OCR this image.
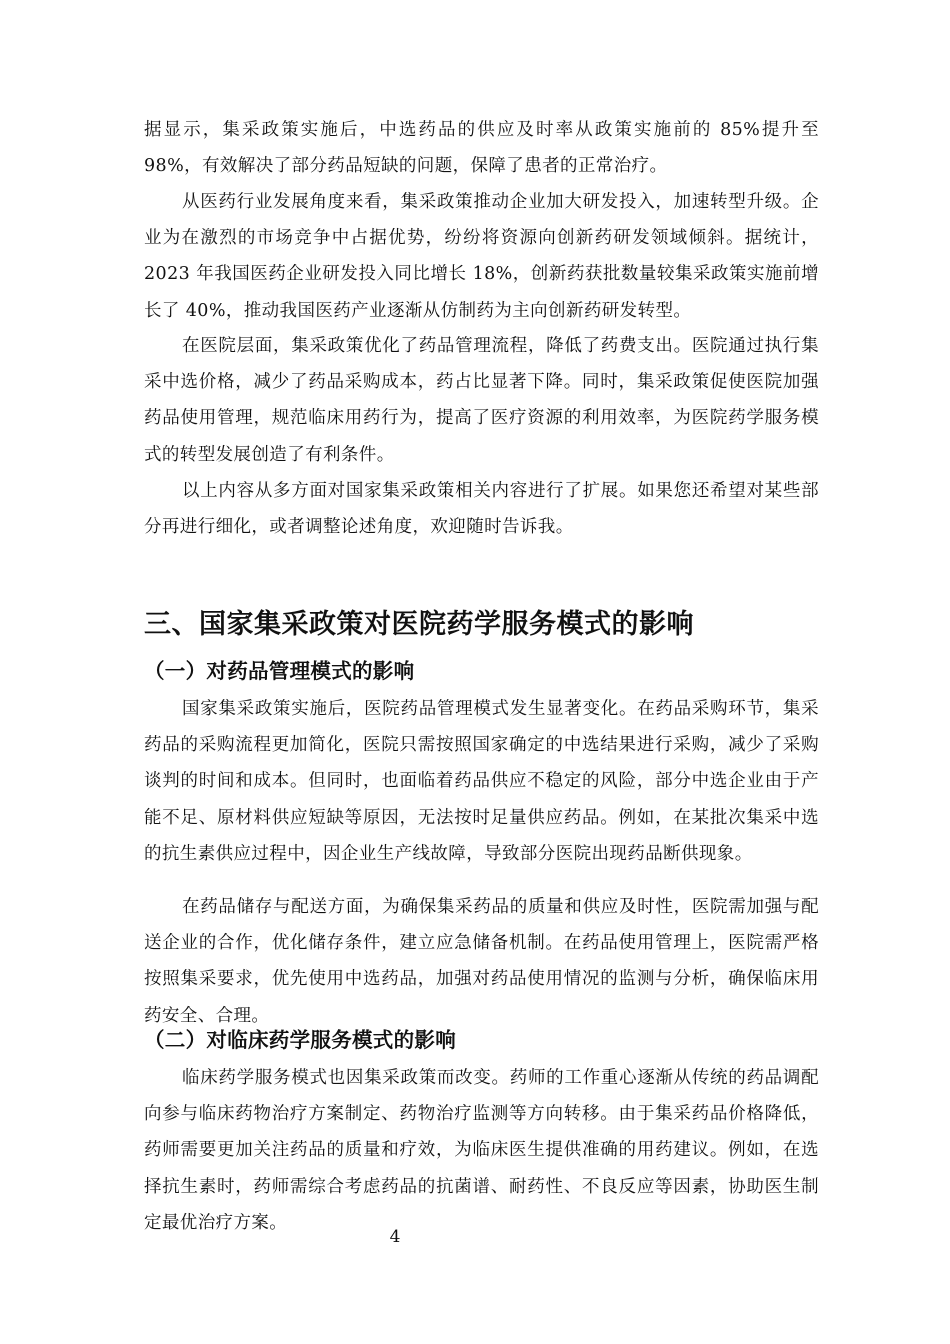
据显示，集采政策实施后，中选药品的供应及时率从政策实施前的 85%提升至 98%，有效解决了部分药品短缺的问题，保障了患者的正常治疗。

从医药行业发展角度来看，集采政策推动企业加大研发投入，加速转型升级。企业为在激烈的市场竞争中占据优势，纷纷将资源向创新药研发领域倾斜。据统计，2023 年我国医药企业研发投入同比增长 18%，创新药获批数量较集采政策实施前增长了 40%，推动我国医药产业逐渐从仿制药为主向创新药研发转型。

在医院层面，集采政策优化了药品管理流程，降低了药费支出。医院通过执行集采中选价格，减少了药品采购成本，药占比显著下降。同时，集采政策促使医院加强药品使用管理，规范临床用药行为，提高了医疗资源的利用效率，为医院药学服务模式的转型发展创造了有利条件。

以上内容从多方面对国家集采政策相关内容进行了扩展。如果您还希望对某些部分再进行细化，或者调整论述角度，欢迎随时告诉我。

三、国家集采政策对医院药学服务模式的影响
（一）对药品管理模式的影响

国家集采政策实施后，医院药品管理模式发生显著变化。在药品采购环节，集采药品的采购流程更加简化，医院只需按照国家确定的中选结果进行采购，减少了采购谈判的时间和成本。但同时，也面临着药品供应不稳定的风险，部分中选企业由于产能不足、原材料供应短缺等原因，无法按时足量供应药品。例如，在某批次集采中选的抗生素供应过程中，因企业生产线故障，导致部分医院出现药品断供现象。

在药品储存与配送方面，为确保集采药品的质量和供应及时性，医院需加强与配送企业的合作，优化储存条件，建立应急储备机制。在药品使用管理上，医院需严格按照集采要求，优先使用中选药品，加强对药品使用情况的监测与分析，确保临床用药安全、合理。

（二）对临床药学服务模式的影响

临床药学服务模式也因集采政策而改变。药师的工作重心逐渐从传统的药品调配向参与临床药物治疗方案制定、药物治疗监测等方向转移。由于集采药品价格降低，药师需要更加关注药品的质量和疗效，为临床医生提供准确的用药建议。例如，在选择抗生素时，药师需综合考虑药品的抗菌谱、耐药性、不良反应等因素，协助医生制定最优治疗方案。

4
